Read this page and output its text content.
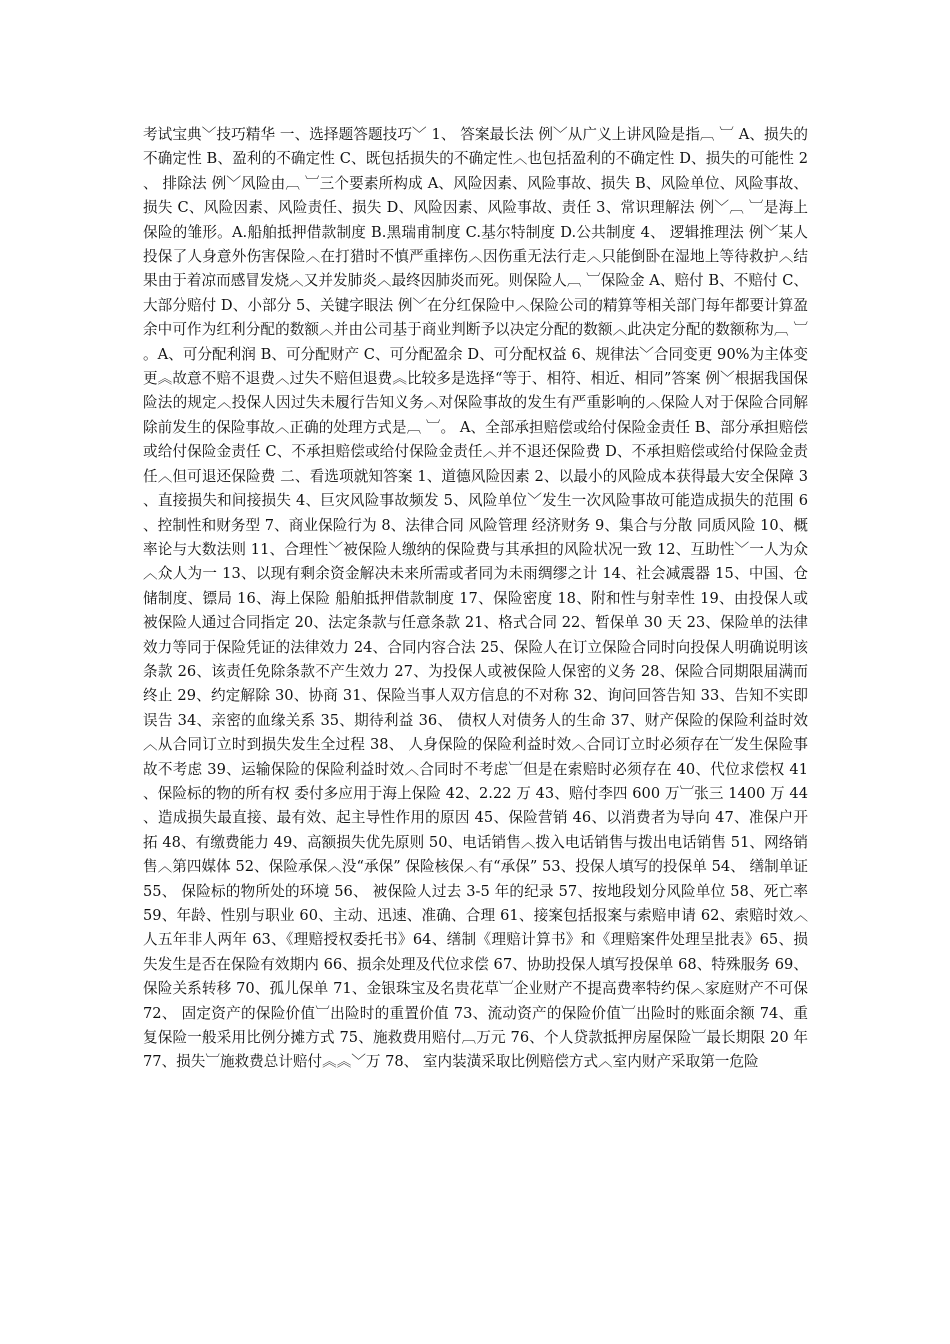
考试宝典﹀技巧精华 一、选择题答题技巧﹀ 1、 答案最长法 例﹀从广义上讲风险是指︹ ︺ A、损失的不确定性 B、盈利的不确定性 C、既包括损失的不确定性︿也包括盈利的不确定性 D、损失的可能性 2、 排除法 例﹀风险由︹ ︺三个要素所构成 A、风险因素、风险事故、损失 B、风险单位、风险事故、损失 C、风险因素、风险责任、损失 D、风险因素、风险事故、责任 3、常识理解法 例﹀︹ ︺是海上保险的雏形。A.船舶抵押借款制度 B.黑瑞甫制度 C.基尔特制度 D.公共制度 4、 逻辑推理法 例﹀某人投保了人身意外伤害保险︿在打猎时不慎严重摔伤︿因伤重无法行走︿只能倒卧在湿地上等待救护︿结果由于着凉而感冒发烧︿又并发肺炎︿最终因肺炎而死。则保险人︹ ︺保险金 A、赔付 B、不赔付 C、大部分赔付 D、小部分 5、关键字眼法 例﹀在分红保险中︿保险公司的精算等相关部门每年都要计算盈余中可作为红利分配的数额︿并由公司基于商业判断予以决定分配的数额︿此决定分配的数额称为︹ ︺。A、可分配利润 B、可分配财产 C、可分配盈余 D、可分配权益 6、规律法﹀合同变更 90%为主体变更︽故意不赔不退费︿过失不赔但退费︽比较多是选择“等于、相符、相近、相同”答案 例﹀根据我国保险法的规定︿投保人因过失未履行告知义务︿对保险事故的发生有严重影响的︿保险人对于保险合同解除前发生的保险事故︿正确的处理方式是︹ ︺。 A、全部承担赔偿或给付保险金责任 B、部分承担赔偿或给付保险金责任 C、不承担赔偿或给付保险金责任︿并不退还保险费 D、不承担赔偿或给付保险金责任︿但可退还保险费 二、看选项就知答案 1、道德风险因素 2、以最小的风险成本获得最大安全保障 3、直接损失和间接损失 4、巨灾风险事故频发 5、风险单位﹀发生一次风险事故可能造成损失的范围 6、控制性和财务型 7、商业保险行为 8、法律合同 风险管理 经济财务 9、集合与分散 同质风险 10、概率论与大数法则 11、合理性﹀被保险人缴纳的保险费与其承担的风险状况一致 12、互助性﹀一人为众︿众人为一 13、以现有剩余资金解决未来所需或者同为未雨绸缪之计 14、社会减震器 15、中国、仓储制度、镖局 16、海上保险 船舶抵押借款制度 17、保险密度 18、附和性与射幸性 19、由投保人或被保险人通过合同指定 20、法定条款与任意条款 21、格式合同 22、暂保单 30 天 23、保险单的法律效力等同于保险凭证的法律效力 24、合同内容合法 25、保险人在订立保险合同时向投保人明确说明该条款 26、该责任免除条款不产生效力 27、为投保人或被保险人保密的义务 28、保险合同期限届满而终止 29、约定解除 30、协商 31、保险当事人双方信息的不对称 32、询问回答告知 33、告知不实即误告 34、亲密的血缘关系 35、期待利益 36、 债权人对债务人的生命 37、财产保险的保险利益时效︿从合同订立时到损失发生全过程 38、 人身保险的保险利益时效︿合同订立时必须存在︺发生保险事故不考虑 39、运输保险的保险利益时效︿合同时不考虑︺但是在索赔时必须存在 40、代位求偿权 41、保险标的物的所有权 委付多应用于海上保险 42、2.22 万 43、赔付李四 600 万︺张三 1400 万 44、造成损失最直接、最有效、起主导性作用的原因 45、保险营销 46、以消费者为导向 47、准保户开拓 48、有缴费能力 49、高额损失优先原则 50、电话销售︿拨入电话销售与拨出电话销售 51、网络销售︿第四媒体 52、保险承保︿没“承保” 保险核保︿有“承保” 53、投保人填写的投保单 54、 缮制单证 55、 保险标的物所处的环境 56、 被保险人过去 3-5 年的纪录 57、按地段划分风险单位 58、死亡率 59、年龄、性别与职业 60、主动、迅速、准确、合理 61、接案包括报案与索赔申请 62、索赔时效︿人五年非人两年 63、《理赔授权委托书》64、缮制《理赔计算书》和《理赔案件处理呈批表》65、损失发生是否在保险有效期内 66、损余处理及代位求偿 67、协助投保人填写投保单 68、特殊服务 69、保险关系转移 70、孤儿保单 71、金银珠宝及名贵花草︺企业财产不提高费率特约保︿家庭财产不可保 72、 固定资产的保险价值︺出险时的重置价值 73、流动资产的保险价值︺出险时的账面余额 74、重复保险一般采用比例分摊方式 75、施救费用赔付︹万元 76、个人贷款抵押房屋保险︺最长期限 20 年 77、损失︺施救费总计赔付︽︽﹀万 78、 室内装潢采取比例赔偿方式︿室内财产采取第一危险
